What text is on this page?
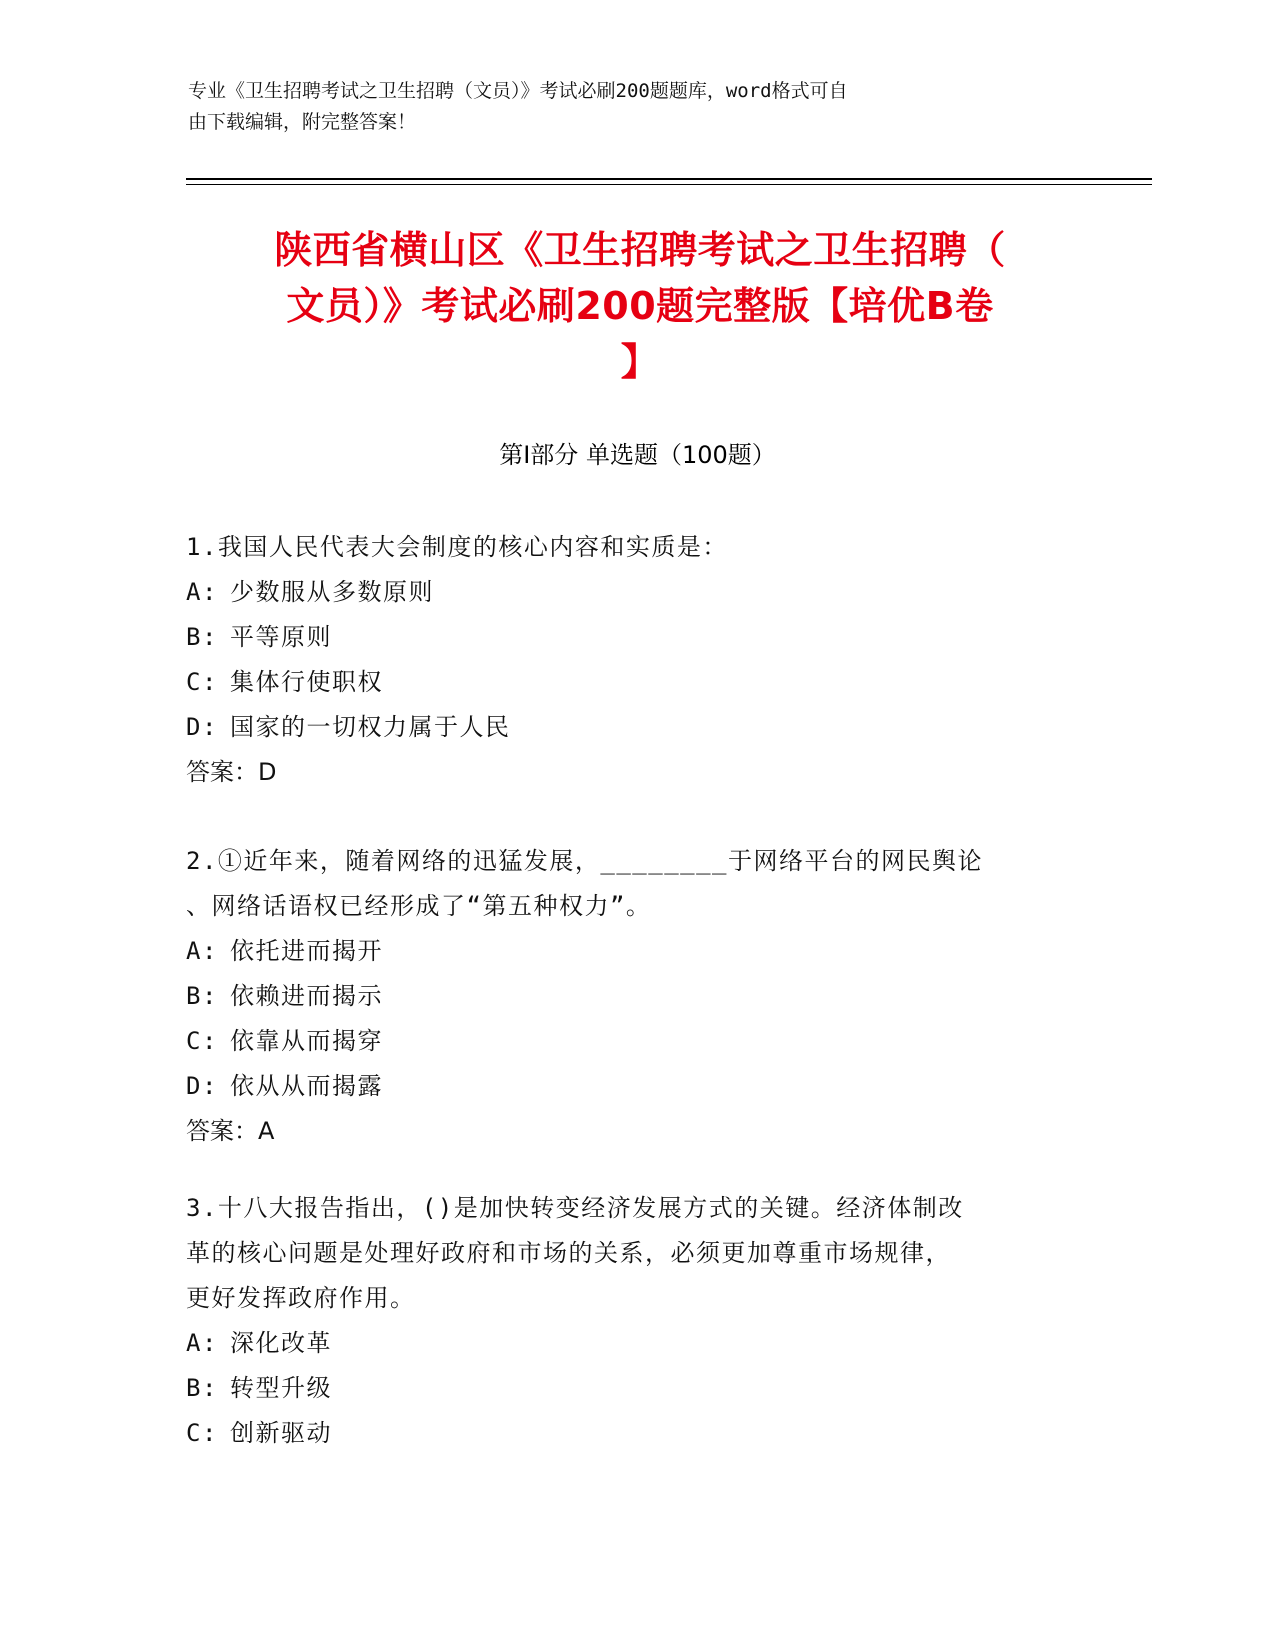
专业《卫生招聘考试之卫生招聘（文员）》考试必刷200题题库，word格式可自
由下载编辑，附完整答案！
陕西省横山区《卫生招聘考试之卫生招聘（
文员）》考试必刷200题完整版【培优B卷
】
第I部分 单选题（100题）
1.我国人民代表大会制度的核心内容和实质是：
A: 少数服从多数原则
B: 平等原则
C: 集体行使职权
D: 国家的一切权力属于人民
答案：D
2.①近年来，随着网络的迅猛发展，________于网络平台的网民舆论
、网络话语权已经形成了“第五种权力”。
A: 依托进而揭开
B: 依赖进而揭示
C: 依靠从而揭穿
D: 依从从而揭露
答案：A
3.十八大报告指出，()是加快转变经济发展方式的关键。经济体制改
革的核心问题是处理好政府和市场的关系，必须更加尊重市场规律，
更好发挥政府作用。
A: 深化改革
B: 转型升级
C: 创新驱动
